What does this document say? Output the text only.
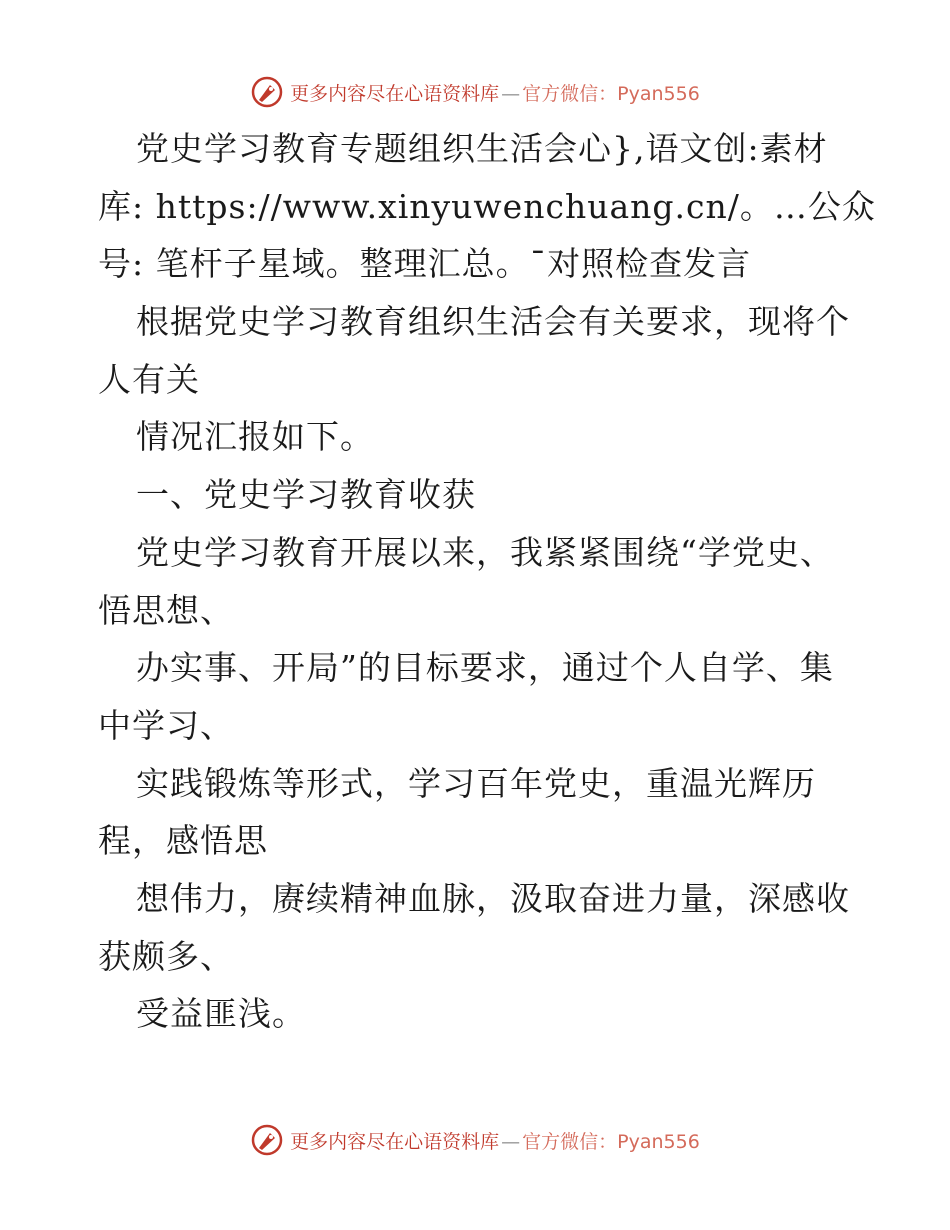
更多内容尽在心语资料库 — 官方微信：Pyan556
党史学习教育专题组织生活会心},语文创:素材
库: https://www.xinyuwenchuang.cn/。…公众
号: 笔杆子星域。整理汇总。¯对照检查发言
根据党史学习教育组织生活会有关要求，现将个
人有关
情况汇报如下。
一、党史学习教育收获
党史学习教育开展以来，我紧紧围绕“学党史、
悟思想、
办实事、开局”的目标要求，通过个人自学、集
中学习、
实践锻炼等形式，学习百年党史，重温光辉历
程，感悟思
想伟力，赓续精神血脉，汲取奋进力量，深感收
获颇多、
受益匪浅。
更多内容尽在心语资料库 — 官方微信：Pyan556
